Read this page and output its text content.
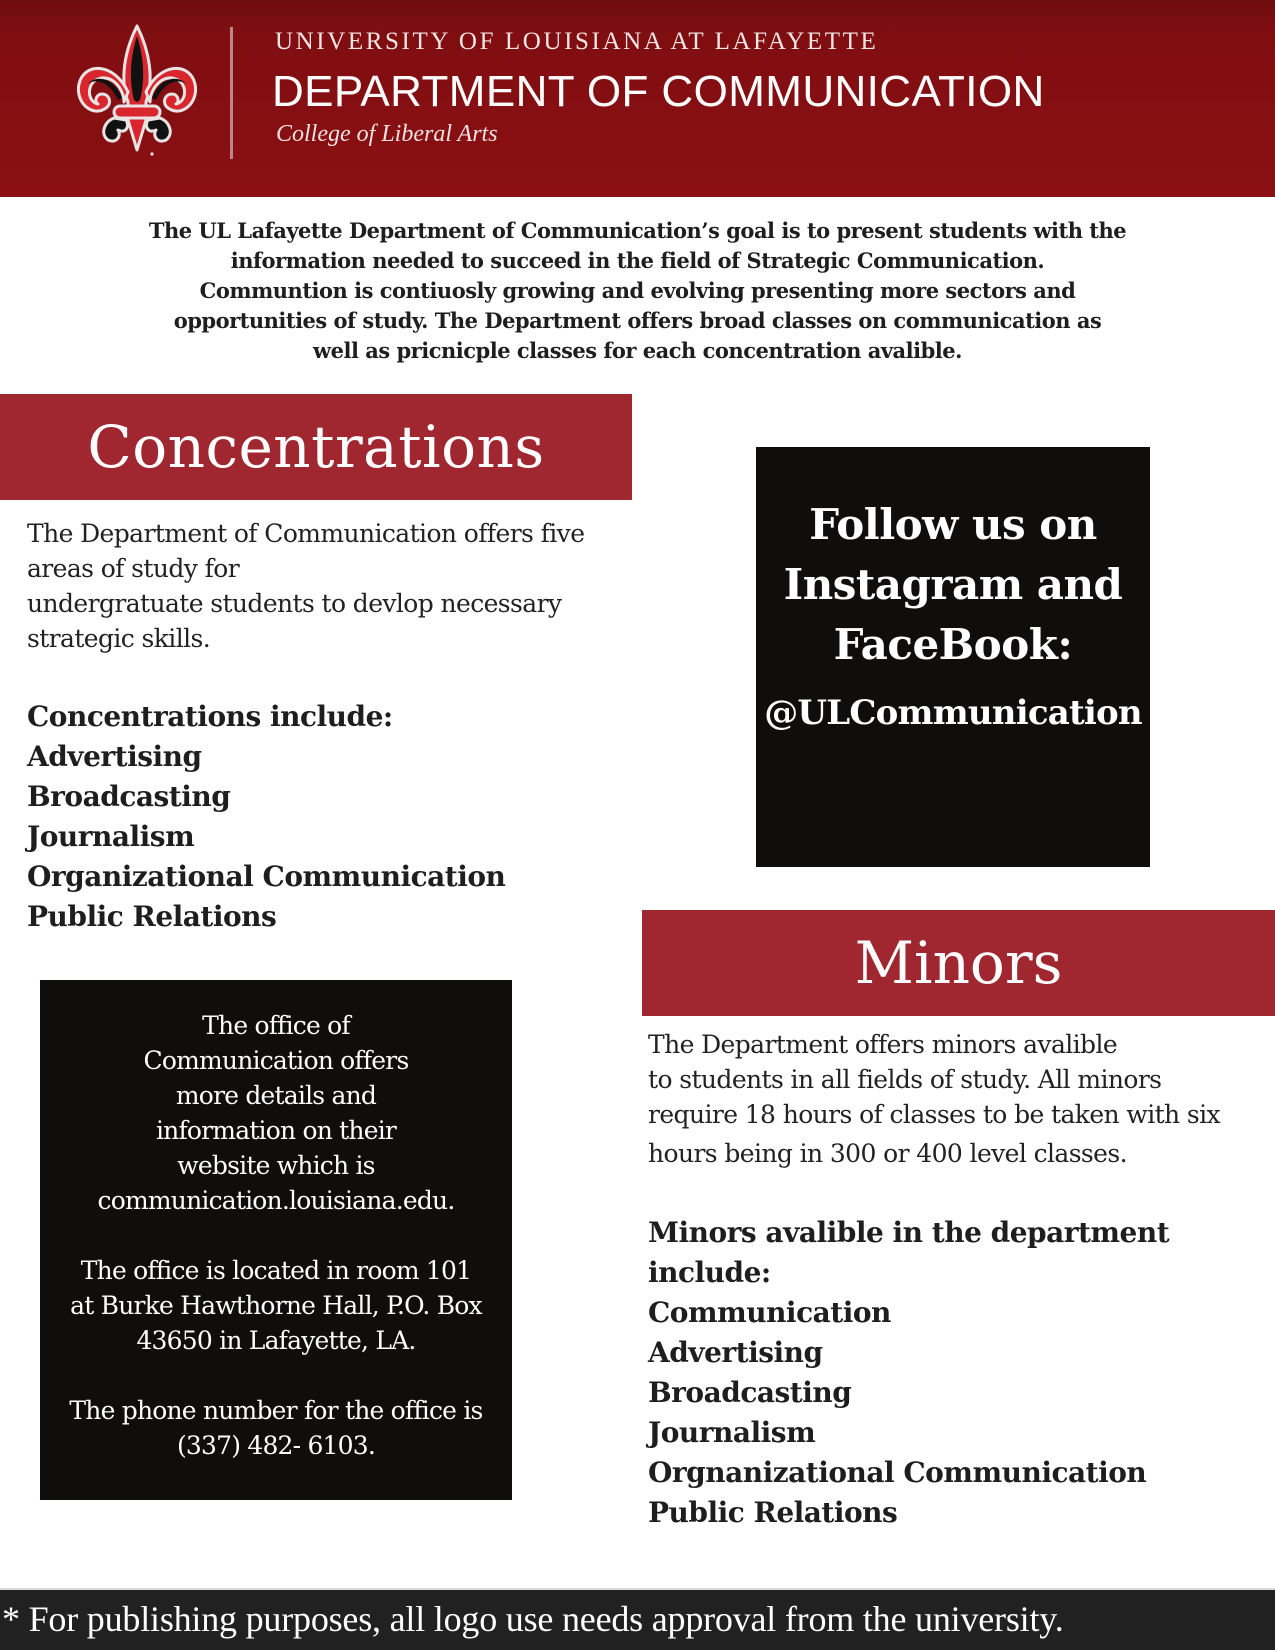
UNIVERSITY OF LOUISIANA AT LAFAYETTE
DEPARTMENT OF COMMUNICATION
College of Liberal Arts
The UL Lafayette Department of Communication’s goal is to present students with the
information needed to succeed in the field of Strategic Communication.
Communtion is contiuosly growing and evolving presenting more sectors and
opportunities of study. The Department offers broad classes on communication as
well as pricnicple classes for each concentration avalible.
Concentrations
The Department of Communication offers five
areas of study for
undergratuate students to devlop necessary
strategic skills.
Concentrations include:
Advertising
Broadcasting
Journalism
Organizational Communication
Public Relations
Follow us on
Instagram and
FaceBook:
@ULCommunication

The office of
Communication offers
more details and
information on their
website which is

communication.louisiana.edu.

The office is located in room 101
at Burke Hawthorne Hall, P.O. Box
43650 in Lafayette, LA.

The phone number for the office is
(337) 482- 6103.

Minors
The Department offers minors avalible
to students in all fields of study. All minors
require 18 hours of classes to be taken with six
hours being in 300 or 400 level classes.
Minors avalible in the department
include:
Communication
Advertising
Broadcasting
Journalism
Orgnanizational Communication
Public Relations
* For publishing purposes, all logo use needs approval from the university.
